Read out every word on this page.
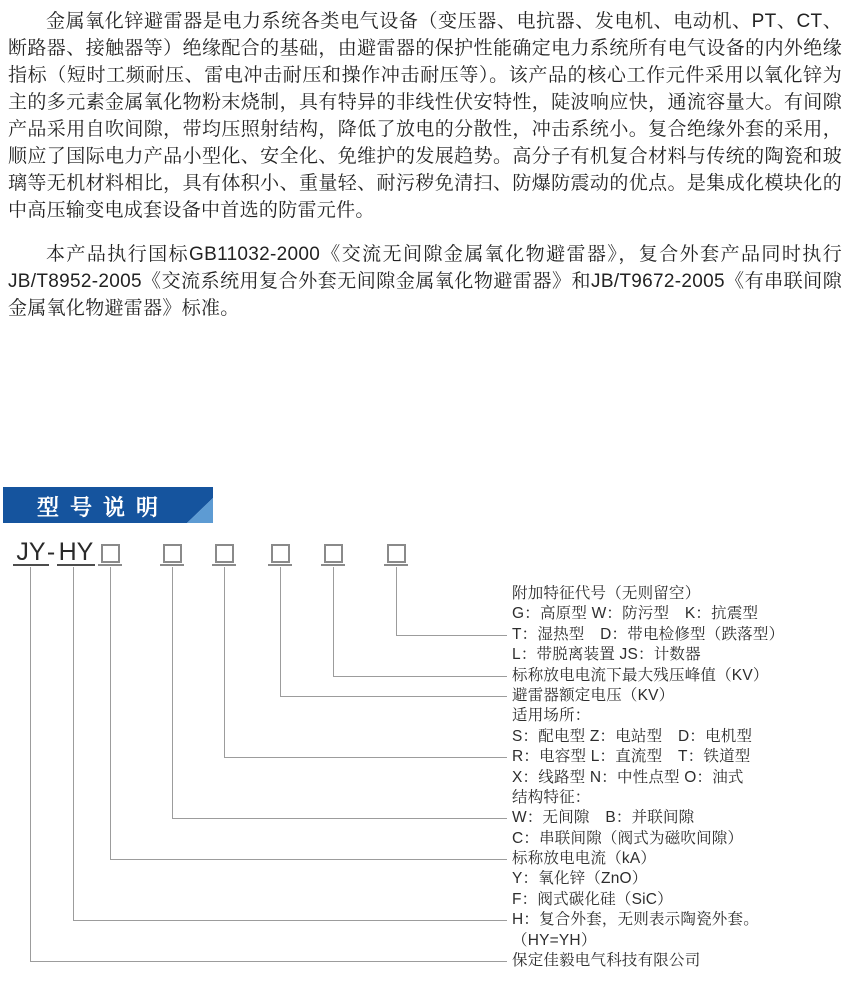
金属氧化锌避雷器是电力系统各类电气设备（变压器、电抗器、发电机、电动机、PT、CT、断路器、接触器等）绝缘配合的基础，由避雷器的保护性能确定电力系统所有电气设备的内外绝缘指标（短时工频耐压、雷电冲击耐压和操作冲击耐压等）。该产品的核心工作元件采用以氧化锌为主的多元素金属氧化物粉末烧制，具有特异的非线性伏安特性，陡波响应快，通流容量大。有间隙产品采用自吹间隙，带均压照射结构，降低了放电的分散性，冲击系统小。复合绝缘外套的采用，顺应了国际电力产品小型化、安全化、免维护的发展趋势。高分子有机复合材料与传统的陶瓷和玻璃等无机材料相比，具有体积小、重量轻、耐污秽免清扫、防爆防震动的优点。是集成化模块化的中高压输变电成套设备中首选的防雷元件。

本产品执行国标GB11032-2000《交流无间隙金属氧化物避雷器》，复合外套产品同时执行JB/T8952-2005《交流系统用复合外套无间隙金属氧化物避雷器》和JB/T9672-2005《有串联间隙金属氧化物避雷器》标准。

型号说明
JY - HY
附加特征代号（无则留空）
G：高原型 W：防污型　K：抗震型
T：湿热型　D：带电检修型（跌落型）
L：带脱离装置 JS：计数器
标称放电电流下最大残压峰值（KV）
避雷器额定电压（KV）
适用场所：
S：配电型 Z：电站型　D：电机型
R：电容型 L：直流型　T：铁道型
X：线路型 N：中性点型 O：油式
结构特征：
W：无间隙　B：并联间隙
C：串联间隙（阀式为磁吹间隙）
标称放电电流（kA）
Y：氧化锌（ZnO）
F：阀式碳化硅（SiC）
H：复合外套，无则表示陶瓷外套。
（HY=YH）
保定佳毅电气科技有限公司
